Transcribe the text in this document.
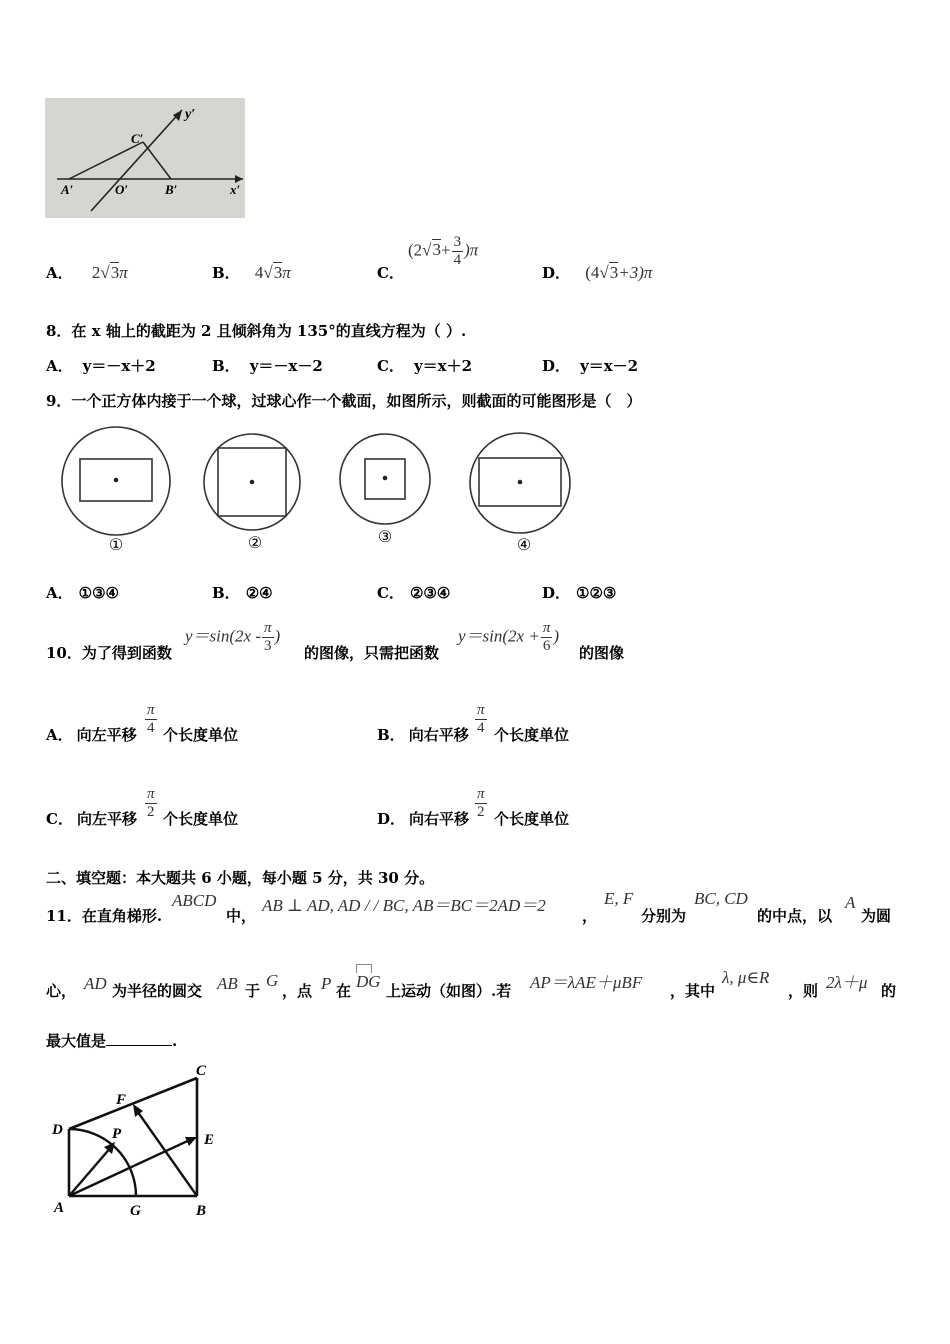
y′
C′
A′	O′	B′	x′
A． 2√3π	B． 4√3π	C．
$(2√3+ \frac{3}{4} )\pi$
D． (4√3+3)π
8．在 x 轴上的截距为 2 且倾斜角为 135°的直线方程为（ ）.
A． y＝－x＋2	B． y＝－x－2	C． y＝x＋2	D． y＝x－2
9．一个正方体内接于一个球，过球心作一个截面，如图所示，则截面的可能图形是（　）
①	②	③	④
A． ①③④	B． ②④	C． ②③④	D． ①②③
10．为了得到函数
$y=\sin(2x - \frac{\pi}{3}$ )
的图像，只需把函数
$y=\sin(2x + \frac{\pi}{6}$ )
的图像
A． 向左平移 $\frac{\pi}{4}$ 个长度单位	B． 向右平移 $\frac{\pi}{4}$ 个长度单位
C． 向左平移 $\frac{\pi}{2}$ 个长度单位	D． 向右平移 $\frac{\pi}{2}$ 个长度单位
二、填空题：本大题共 6 小题，每小题 5 分，共 30 分。
11．在直角梯形.
ABCD
中，
AB ⊥ AD, AD / / BC, AB＝BC＝2AD＝2
，
E, F
分别为
BC, CD
的中点，以
A
为圆
心， AD 为半径的圆交 AB 于
G
，点 P 在 DG 上运动（如图）.若 AP＝λAE＋μBF ，其中
λ, μ∈R
，则 2λ＋μ 的
最大值是	.
C
F
D	P	E
A	G	B
